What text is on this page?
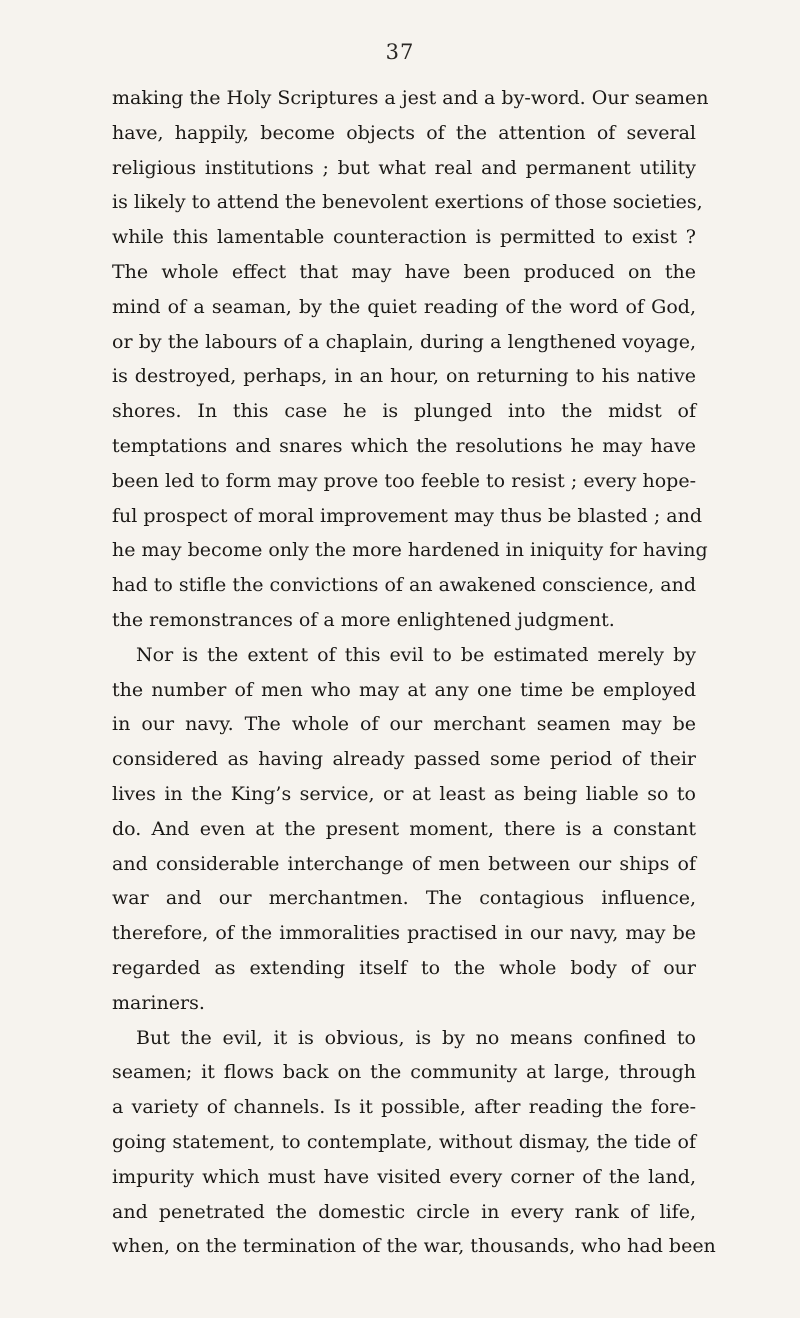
37
making the Holy Scriptures a jest and a by-word. Our seamen
have, happily, become objects of the attention of several
religious institutions ; but what real and permanent utility
is likely to attend the benevolent exertions of those societies,
while this lamentable counteraction is permitted to exist ?
The whole effect that may have been produced on the
mind of a seaman, by the quiet reading of the word of God,
or by the labours of a chaplain, during a lengthened voyage,
is destroyed, perhaps, in an hour, on returning to his native
shores. In this case he is plunged into the midst of
temptations and snares which the resolutions he may have
been led to form may prove too feeble to resist ; every hope-
ful prospect of moral improvement may thus be blasted ; and
he may become only the more hardened in iniquity for having
had to stifle the convictions of an awakened conscience, and
the remonstrances of a more enlightened judgment.
Nor is the extent of this evil to be estimated merely by
the number of men who may at any one time be employed
in our navy. The whole of our merchant seamen may be
considered as having already passed some period of their
lives in the King’s service, or at least as being liable so to
do. And even at the present moment, there is a constant
and considerable interchange of men between our ships of
war and our merchantmen. The contagious influence,
therefore, of the immoralities practised in our navy, may be
regarded as extending itself to the whole body of our
mariners.
But the evil, it is obvious, is by no means confined to
seamen; it flows back on the community at large, through
a variety of channels. Is it possible, after reading the fore-
going statement, to contemplate, without dismay, the tide of
impurity which must have visited every corner of the land,
and penetrated the domestic circle in every rank of life,
when, on the termination of the war, thousands, who had been
